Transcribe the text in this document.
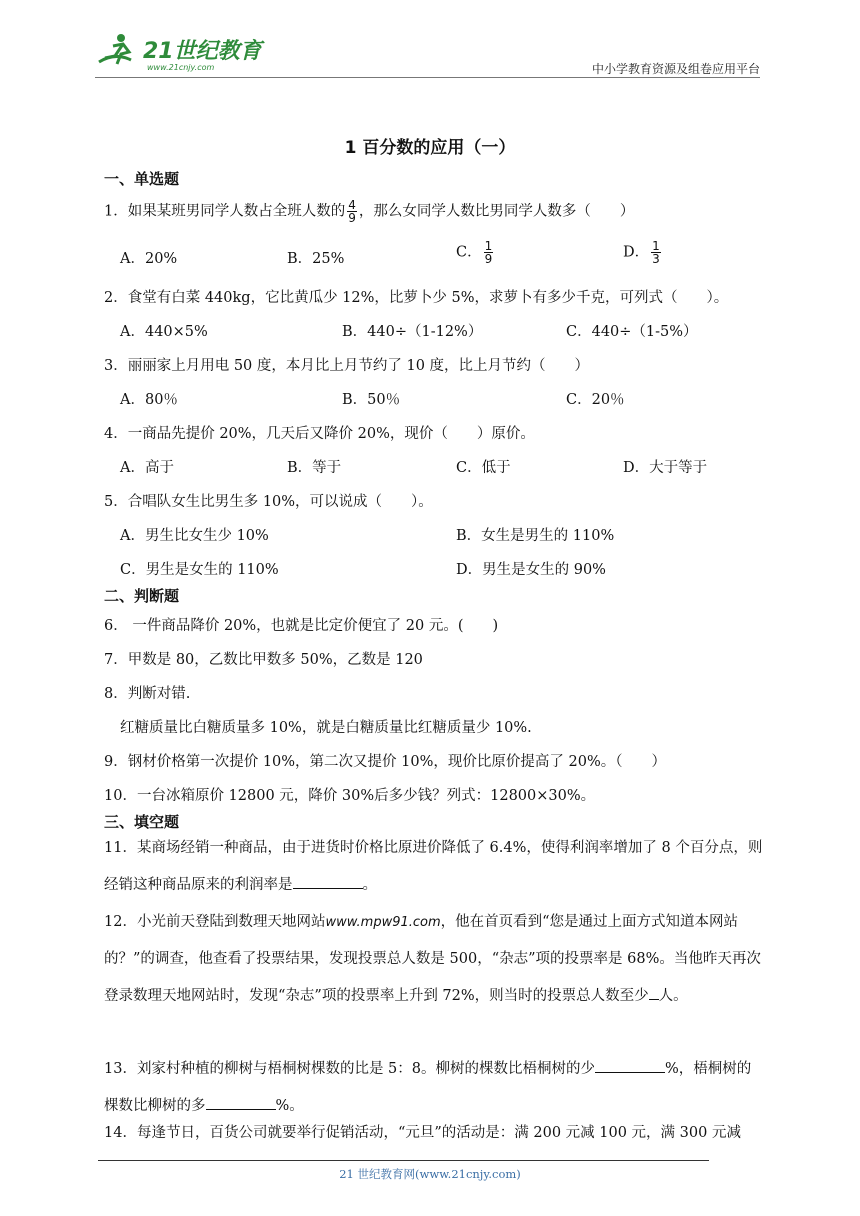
21世纪教育
www.21cnjy.com	中小学教育资源及组卷应用平台
1 百分数的应用（一）
一、单选题
1．如果某班男同学人数占全班人数的 $\frac{4}{9}$ ，那么女同学人数比男同学人数多（　　）
A．20%	B．25%	C． $\frac{1}{9}$	D． $\frac{1}{3}$
2．食堂有白菜 440kg，它比黄瓜少 12%，比萝卜少 5%，求萝卜有多少千克，可列式（　　）。
A．440×5%	B．440÷（1-12%）	C．440÷（1-5%）
3．丽丽家上月用电 50 度，本月比上月节约了 10 度，比上月节约（　　）
A．80％	B．50％	C．20％
4．一商品先提价 20%，几天后又降价 20%，现价（　　）原价。
A．高于	B．等于	C．低于	D．大于等于
5．合唱队女生比男生多 10%，可以说成（　　）。
A．男生比女生少 10%	B．女生是男生的 110%
C．男生是女生的 110%	D．男生是女生的 90%
二、判断题
6． 一件商品降价 20%，也就是比定价便宜了 20 元。(　　)
7．甲数是 80，乙数比甲数多 50%，乙数是 120
8．判断对错.
红糖质量比白糖质量多 10%，就是白糖质量比红糖质量少 10%.
9．钢材价格第一次提价 10%，第二次又提价 10%，现价比原价提高了 20%。（　　）
10．一台冰箱原价 12800 元，降价 30%后多少钱？列式：12800×30%。
三、填空题
11．某商场经销一种商品，由于进货时价格比原进价降低了 6.4%，使得利润率增加了 8 个百分点，则经销这种商品原来的利润率是	。
12．小光前天登陆到数理天地网站www.mpw91.com，他在首页看到“您是通过上面方式知道本网站的？”的调查，他查看了投票结果，发现投票总人数是 500，“杂志”项的投票率是 68%。当他昨天再次登录数理天地网站时，发现“杂志”项的投票率上升到 72%，则当时的投票总人数至少 人。
13．刘家村种植的柳树与梧桐树棵数的比是 5：8。柳树的棵数比梧桐树的少	%，梧桐树的棵数比柳树的多	%。
14．每逢节日，百货公司就要举行促销活动，“元旦”的活动是：满 200 元减 100 元，满 300 元减
21 世纪教育网(www.21cnjy.com)
